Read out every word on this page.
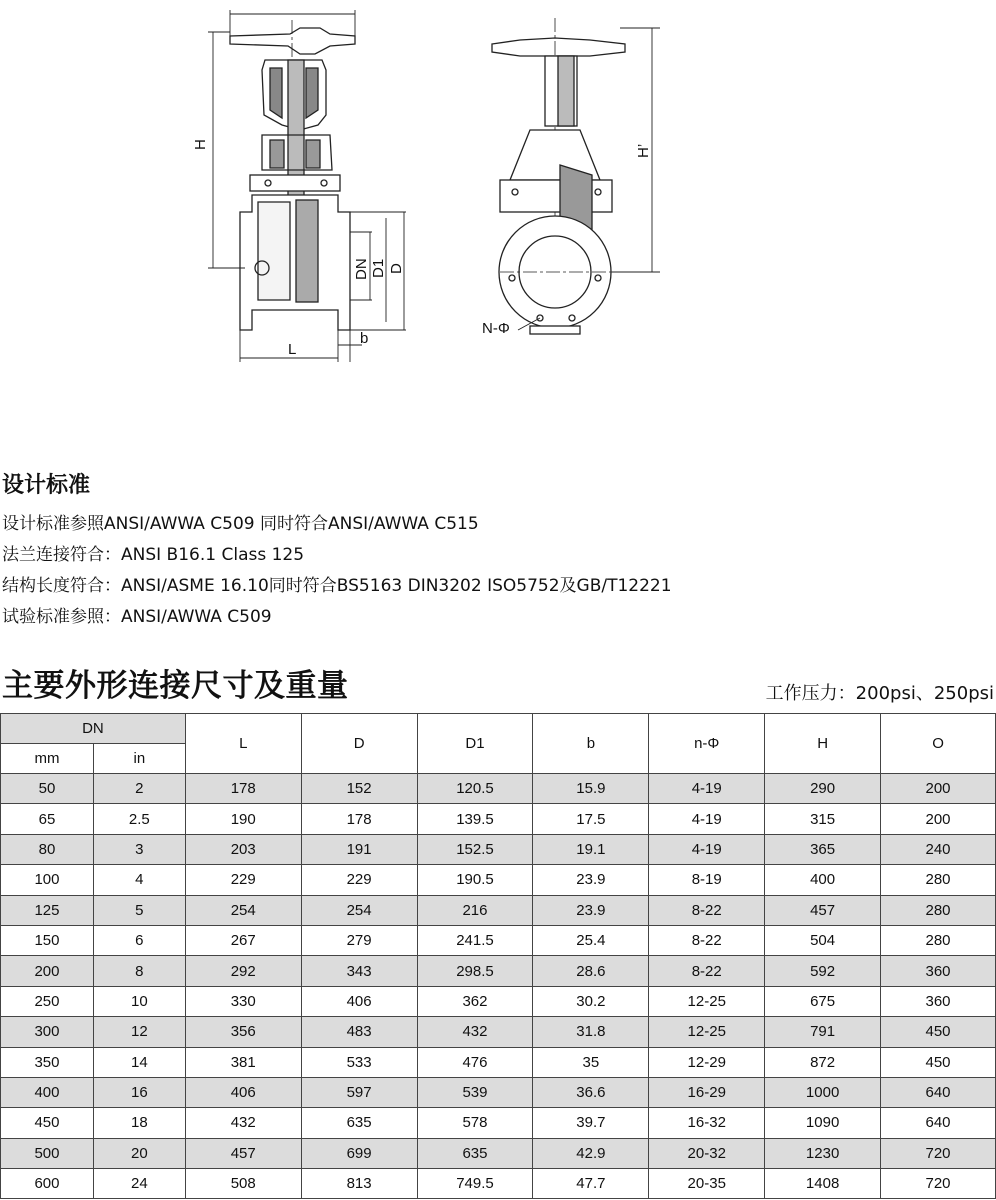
H
DN D1 D
L
b
H’
N-Φ
设计标准
设计标准参照ANSI/AWWA C509 同时符合ANSI/AWWA C515
法兰连接符合：ANSI B16.1 Class 125
结构长度符合：ANSI/ASME 16.10同时符合BS5163 DIN3202 ISO5752及GB/T12221
试验标准参照：ANSI/AWWA C509
主要外形连接尺寸及重量	工作压力：200psi、250psi
DN		L	D	D1	b	n-Φ	H	O
mm	in							
50	2	178	152	120.5	15.9	4-19	290	200
65	2.5	190	178	139.5	17.5	4-19	315	200
80	3	203	191	152.5	19.1	4-19	365	240
100	4	229	229	190.5	23.9	8-19	400	280
125	5	254	254	216	23.9	8-22	457	280
150	6	267	279	241.5	25.4	8-22	504	280
200	8	292	343	298.5	28.6	8-22	592	360
250	10	330	406	362	30.2	12-25	675	360
300	12	356	483	432	31.8	12-25	791	450
350	14	381	533	476	35	12-29	872	450
400	16	406	597	539	36.6	16-29	1000	640
450	18	432	635	578	39.7	16-32	1090	640
500	20	457	699	635	42.9	20-32	1230	720
600	24	508	813	749.5	47.7	20-35	1408	720
